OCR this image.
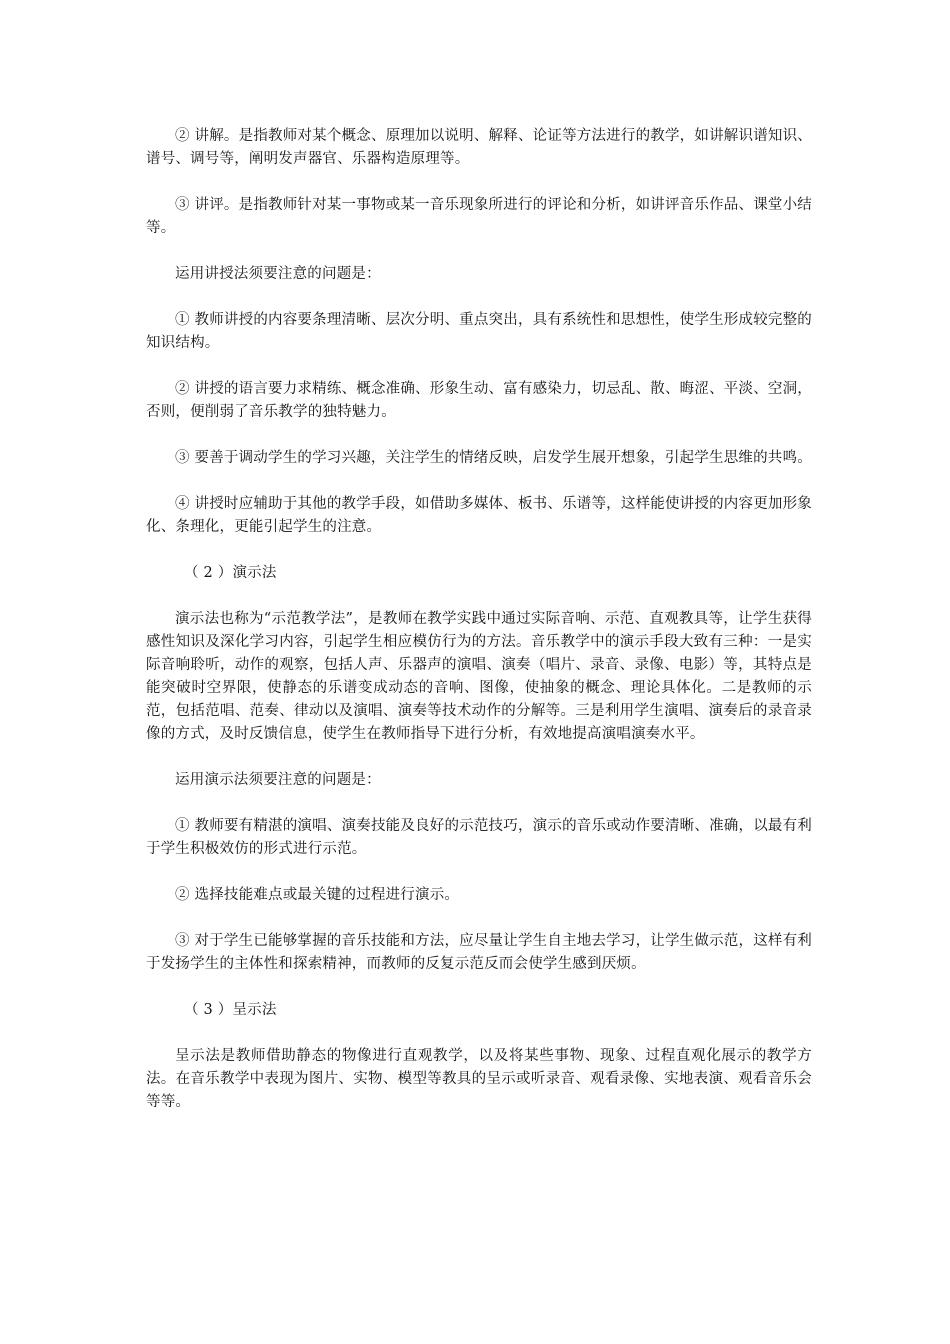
② 讲解。是指教师对某个概念、原理加以说明、解释、论证等方法进行的教学，如讲解识谱知识、谱号、调号等，阐明发声器官、乐器构造原理等。

③ 讲评。是指教师针对某一事物或某一音乐现象所进行的评论和分析，如讲评音乐作品、课堂小结等。

运用讲授法须要注意的问题是：

① 教师讲授的内容要条理清晰、层次分明、重点突出，具有系统性和思想性，使学生形成较完整的知识结构。

② 讲授的语言要力求精练、概念准确、形象生动、富有感染力，切忌乱、散、晦涩、平淡、空洞，否则，便削弱了音乐教学的独特魅力。

③ 要善于调动学生的学习兴趣，关注学生的情绪反映，启发学生展开想象，引起学生思维的共鸣。

④ 讲授时应辅助于其他的教学手段，如借助多媒体、板书、乐谱等，这样能使讲授的内容更加形象化、条理化，更能引起学生的注意。

（ 2 ）演示法

演示法也称为“示范教学法”，是教师在教学实践中通过实际音响、示范、直观教具等，让学生获得感性知识及深化学习内容，引起学生相应模仿行为的方法。音乐教学中的演示手段大致有三种：一是实际音响聆听，动作的观察，包括人声、乐器声的演唱、演奏（唱片、录音、录像、电影）等，其特点是能突破时空界限，使静态的乐谱变成动态的音响、图像，使抽象的概念、理论具体化。二是教师的示范，包括范唱、范奏、律动以及演唱、演奏等技术动作的分解等。三是利用学生演唱、演奏后的录音录像的方式，及时反馈信息，使学生在教师指导下进行分析，有效地提高演唱演奏水平。

运用演示法须要注意的问题是：

① 教师要有精湛的演唱、演奏技能及良好的示范技巧，演示的音乐或动作要清晰、准确，以最有利于学生积极效仿的形式进行示范。

② 选择技能难点或最关键的过程进行演示。

③ 对于学生已能够掌握的音乐技能和方法，应尽量让学生自主地去学习，让学生做示范，这样有利于发扬学生的主体性和探索精神，而教师的反复示范反而会使学生感到厌烦。

（ 3 ）呈示法

呈示法是教师借助静态的物像进行直观教学，以及将某些事物、现象、过程直观化展示的教学方法。在音乐教学中表现为图片、实物、模型等教具的呈示或听录音、观看录像、实地表演、观看音乐会等等。
